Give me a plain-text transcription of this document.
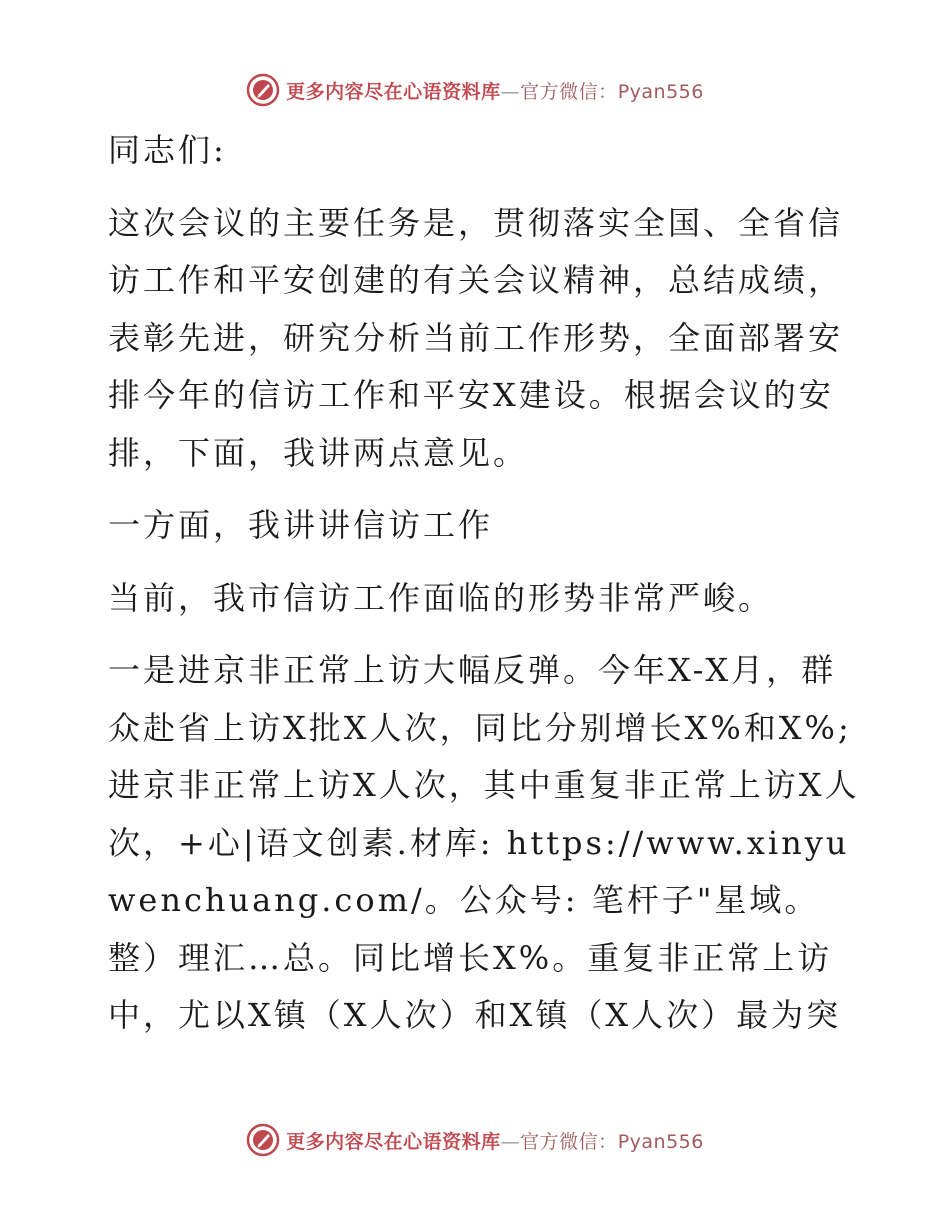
更多内容尽在心语资料库—官方微信：Pyan556

同志们:

这次会议的主要任务是，贯彻落实全国、全省信访工作和平安创建的有关会议精神，总结成绩，表彰先进，研究分析当前工作形势，全面部署安排今年的信访工作和平安X建设。根据会议的安排，下面，我讲两点意见。

一方面，我讲讲信访工作

当前，我市信访工作面临的形势非常严峻。

一是进京非正常上访大幅反弹。今年X-X月，群众赴省上访X批X人次，同比分别增长X%和X%; 进京非正常上访X人次，其中重复非正常上访X人次，+心|语文创素.材库: https://www.xinyuwenchuang.com/。公众号: 笔杆子"星域。整）理汇…总。同比增长X%。重复非正常上访中，尤以X镇（X人次）和X镇（X人次）最为突

更多内容尽在心语资料库—官方微信：Pyan556
